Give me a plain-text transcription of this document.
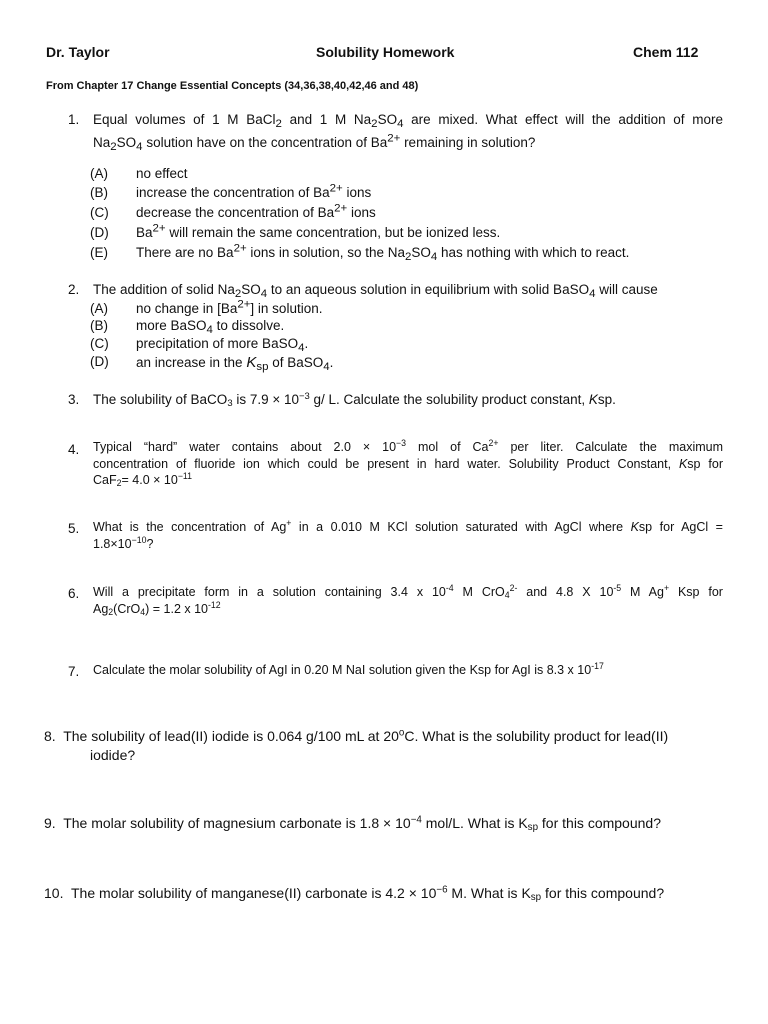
Dr. Taylor	Solubility Homework	Chem 112
From Chapter 17 Change Essential Concepts (34,36,38,40,42,46 and 48)
1. Equal volumes of 1 M BaCl$_2$ and 1 M $Na_2SO_4$ are mixed. What effect will the addition of more
$Na_2SO_4$ solution have on the concentration of $Ba^{2+}$ remaining in solution?
(A) no effect
(B) increase the concentration of $Ba^{2+}$ ions
(C) decrease the concentration of $Ba^{2+}$ ions
(D) $Ba^{2+}$ will remain the same concentration, but be ionized less.
(E) There are no $Ba^{2+}$ ions in solution, so the $Na_2SO_4$ has nothing with which to react.
2. The addition of solid $Na_2SO_4$ to an aqueous solution in equilibrium with solid BaSO$_4$ will cause
(A) no change in $[Ba^{2+}]$ in solution.
(B) more BaSO$_4$ to dissolve.
(C) precipitation of more BaSO$_4$.
(D) an increase in the $K_{sp}$ of BaSO$_4$.
3. The solubility of BaCO$_3$ is $7.9 \times 10^{-3}$ g/ L. Calculate the solubility product constant, Ksp.
4. Typical “hard” water contains about $2.0 \times 10^{-3}$ mol of $Ca^{2+}$ per liter. Calculate the maximum
concentration of fluoride ion which could be present in hard water. Solubility Product Constant, Ksp for
$CaF_2= 4.0 \times 10^{-11}$
5. What is the concentration of Ag+ in a 0.010 M KCl solution saturated with AgCl where Ksp for AgCl =
$1.8\times 10^{-10}$?
6. Will a precipitate form in a solution containing 3.4 x $10^{-4}$ M CrO$_4^{2-}$ and 4.8 X $10^{-5}$ M Ag+ Ksp for
$Ag_2(CrO_4) = 1.2$ x $10^{-12}$
7. Calculate the molar solubility of AgI in 0.20 M NaI solution given the Ksp for AgI is 8.3 x $10^{-17}$
8. The solubility of lead(II) iodide is 0.064 g/100 mL at 20$^o$C. What is the solubility product for lead(II)
iodide?
9. The molar solubility of magnesium carbonate is $1.8 \times 10^{-4}$ mol/L. What is $K_{sp}$ for this compound?
10. The molar solubility of manganese(II) carbonate is $4.2 \times 10^{-6}$ M. What is $K_{sp}$ for this compound?
